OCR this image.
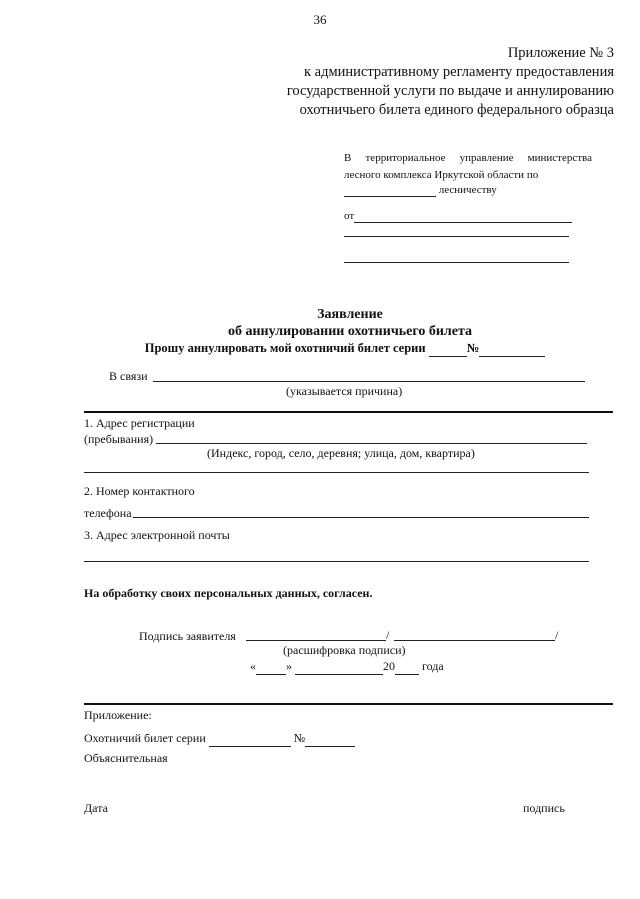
36
Приложение № 3
к административному регламенту предоставления
государственной услуги по выдаче и аннулированию
охотничьего билета единого федерального образца
В территориальное управление министерства лесного комплекса Иркутской области по
лесничеству
от
Заявление
об аннулировании охотничьего билета
Прошу аннулировать мой охотничий билет серии	№
В связи
(указывается причина)
1. Адрес регистрации
(пребывания)
(Индекс, город, село, деревня; улица, дом, квартира)
2. Номер контактного
телефона
3. Адрес электронной почты
На обработку своих персональных данных, согласен.
Подпись заявителя	/	/
(расшифровка подписи)
«	»	20 года
Приложение:
Охотничий билет серии	№
Объяснительная
Дата	подпись
